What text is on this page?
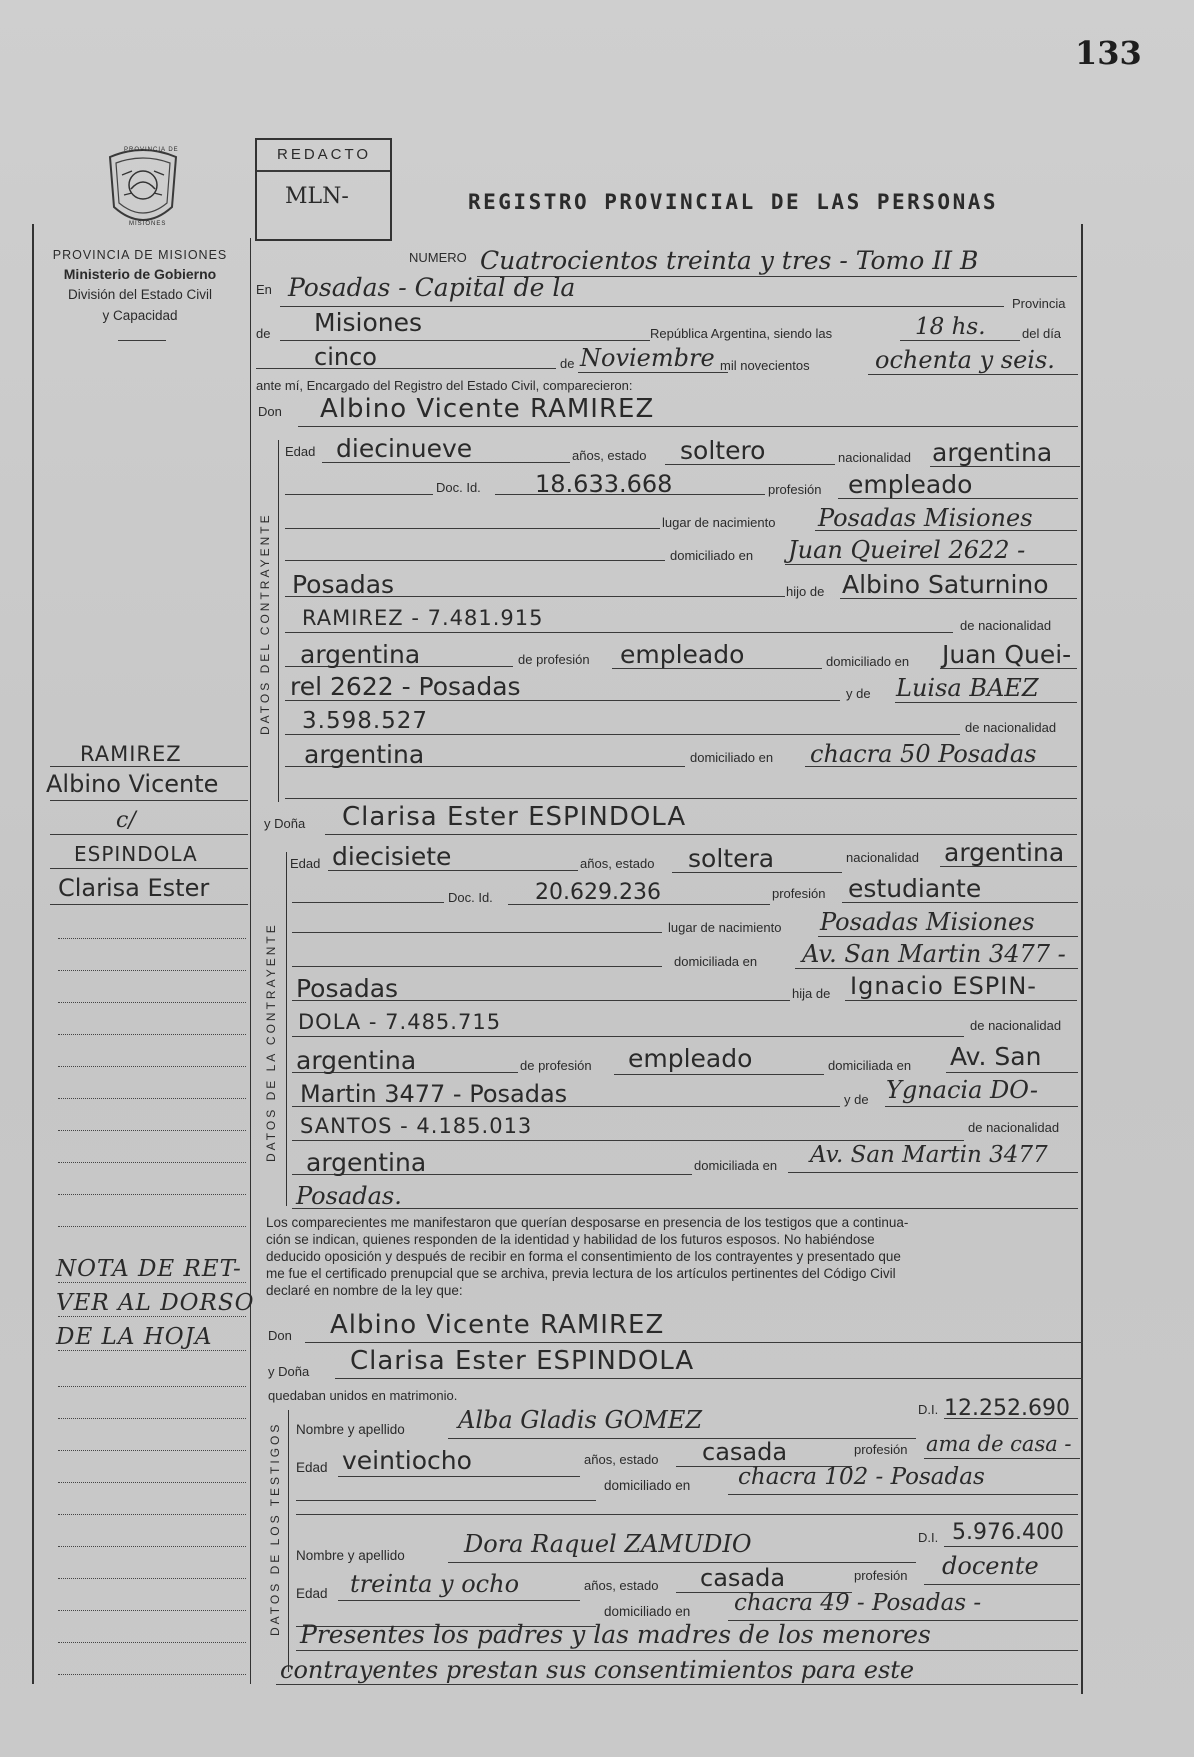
133
PROVINCIA DE
MISIONES
PROVINCIA DE MISIONES
Ministerio de Gobierno
División del Estado Civil
y Capacidad
REDACTO
MLN-	REGISTRO PROVINCIAL DE LAS PERSONAS
NUMERO Cuatrocientos treinta y tres - Tomo II B
En Posadas - Capital de la
Provincia
de Misiones	República Argentina, siendo las	18 hs.	del día
cinco	de Noviembre mil novecientos	ochenta y seis.
ante mí, Encargado del Registro del Estado Civil, comparecieron:
Don Albino Vicente RAMIREZ
DATOS DEL CONTRAYENTE
Edad diecinueve	años, estado soltero	nacionalidad argentina
Doc. Id. 18.633.668	profesión empleado
lugar de nacimiento Posadas Misiones
domiciliado en Juan Queirel 2622 -
Posadas	hijo de Albino Saturnino
RAMIREZ - 7.481.915	de nacionalidad
argentina	de profesión empleado	domiciliado en Juan Quei-
rel 2622 - Posadas	y de Luisa BAEZ
3.598.527	de nacionalidad
argentina	domiciliado en chacra 50 Posadas
y Doña Clarisa Ester ESPINDOLA
DATOS DE LA CONTRAYENTE
Edad diecisiete	años, estado soltera	nacionalidad argentina
Doc. Id. 20.629.236	profesión estudiante
lugar de nacimiento Posadas Misiones
domiciliada en Av. San Martin 3477 -
Posadas	hija de Ignacio ESPIN-
DOLA - 7.485.715	de nacionalidad
argentina	de profesión empleado	domiciliada en Av. San
Martin 3477 - Posadas	y de Ygnacia DO-
SANTOS - 4.185.013	de nacionalidad
argentina	domiciliada en Av. San Martin 3477
Posadas.
Los comparecientes me manifestaron que querían desposarse en presencia de los testigos que a continua-
ción se indican, quienes responden de la identidad y habilidad de los futuros esposos. No habiéndose
deducido oposición y después de recibir en forma el consentimiento de los contrayentes y presentado que
me fue el certificado prenupcial que se archiva, previa lectura de los artículos pertinentes del Código Civil
declaré en nombre de la ley que:
Don Albino Vicente RAMIREZ
y Doña Clarisa Ester ESPINDOLA
quedaban unidos en matrimonio.
DATOS DE LOS TESTIGOS Nombre y apellido Alba Gladis GOMEZ	D.I. 12.252.690
Edad veintiocho	años, estado casada	profesión ama de casa -
domiciliado en chacra 102 - Posadas
Nombre y apellido Dora Raquel ZAMUDIO	D.I. 5.976.400
Edad treinta y ocho	años, estado casada	profesión docente
domiciliado en chacra 49 - Posadas -
Presentes los padres y las madres de los menores
contrayentes prestan sus consentimientos para este
RAMIREZ
Albino Vicente
c/
ESPINDOLA
Clarisa Ester
NOTA DE RET-
VER AL DORSO
DE LA HOJA
